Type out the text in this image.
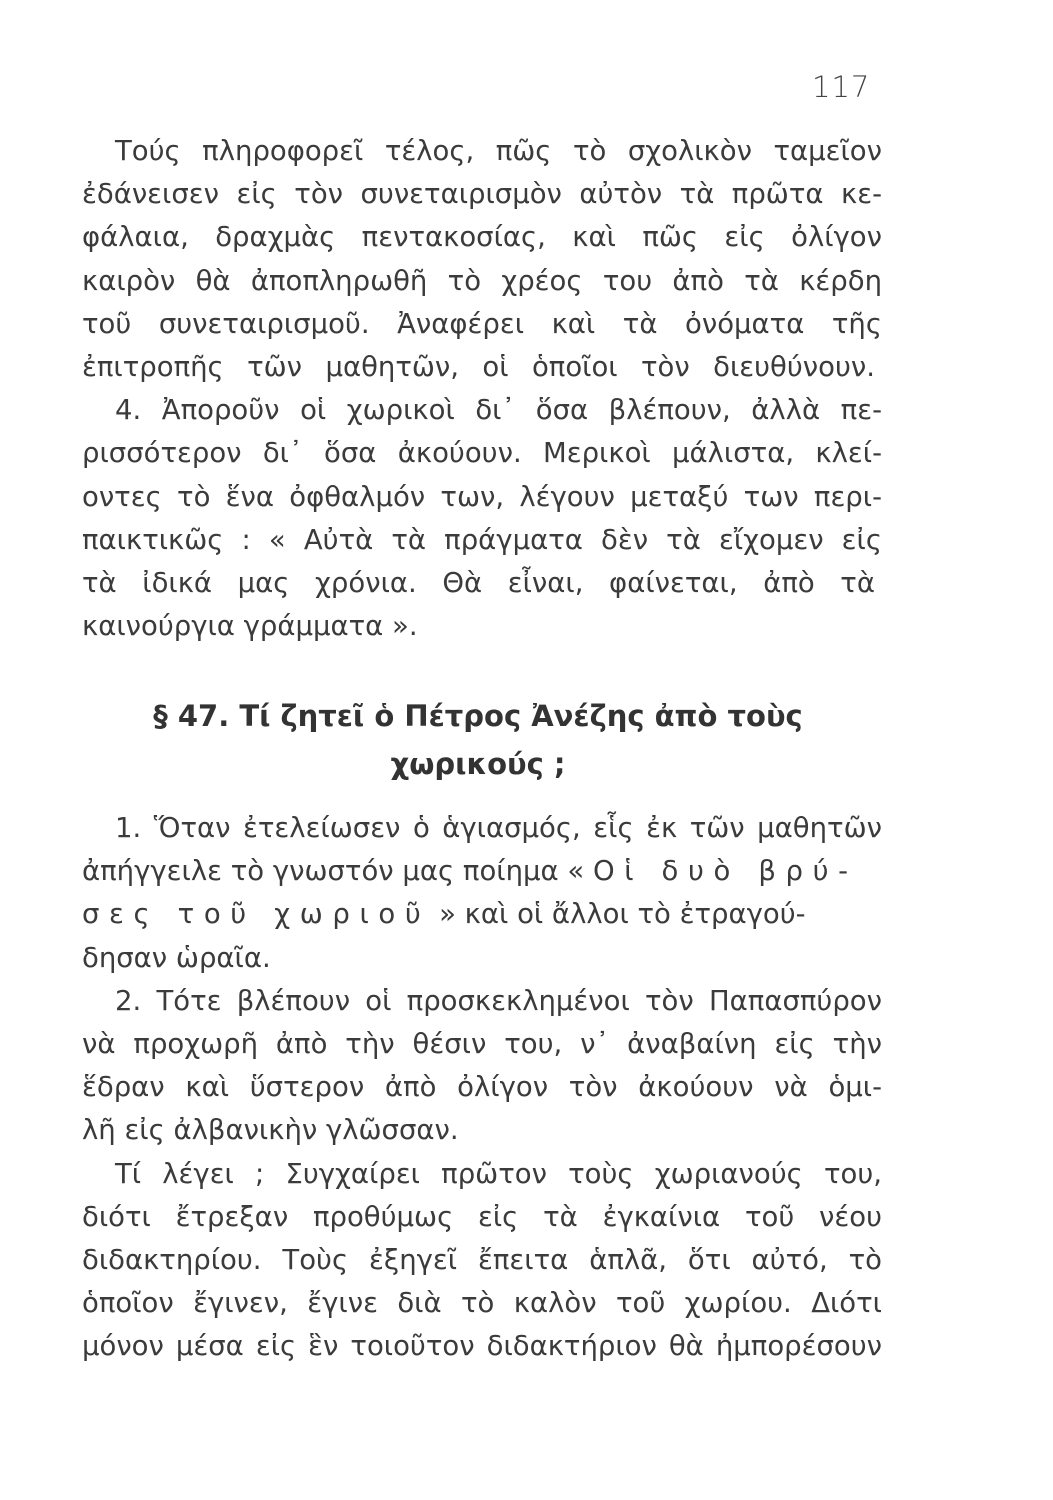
117
Τούς πληροφορεῖ τέλος, πῶς τὸ σχολικὸν ταμεῖον
ἐδάνεισεν εἰς τὸν συνεταιρισμὸν αὐτὸν τὰ πρῶτα κε-
φάλαια, δραχμὰς πεντακοσίας, καὶ πῶς εἰς ὀλίγον
καιρὸν θὰ ἀποπληρωθῆ τὸ χρέος του ἀπὸ τὰ κέρδη
τοῦ συνεταιρισμοῦ. Ἀναφέρει καὶ τὰ ὀνόματα τῆς
ἐπιτροπῆς τῶν μαθητῶν, οἱ ὁποῖοι τὸν διευθύνουν.
4. Ἀποροῦν οἱ χωρικοὶ δι᾽ ὅσα βλέπουν, ἀλλὰ πε-
ρισσότερον δι᾽ ὅσα ἀκούουν. Μερικοὶ μάλιστα, κλεί-
οντες τὸ ἕνα ὀφθαλμόν των, λέγουν μεταξύ των περι-
παικτικῶς : « Αὐτὰ τὰ πράγματα δὲν τὰ εἴχομεν εἰς
τὰ ἰδικά μας χρόνια. Θὰ εἶναι, φαίνεται, ἀπὸ τὰ
καινούργια γράμματα ».
§ 47. Τί ζητεῖ ὁ Πέτρος Ἀνέζης ἀπὸ τοὺς
χωρικούς ;
1. Ὅταν ἐτελείωσεν ὁ ἁγιασμός, εἷς ἐκ τῶν μαθητῶν
ἀπήγγειλε τὸ γνωστόν μας ποίημα « Οἱ δυὸ βρύ-
σες τοῦ χωριοῦ » καὶ οἱ ἄλλοι τὸ ἐτραγού-
δησαν ὡραῖα.
2. Τότε βλέπουν οἱ προσκεκλημένοι τὸν Παπασπύρον
νὰ προχωρῆ ἀπὸ τὴν θέσιν του, ν᾽ ἀναβαίνη εἰς τὴν
ἕδραν καὶ ὕστερον ἀπὸ ὀλίγον τὸν ἀκούουν νὰ ὁμι-
λῆ εἰς ἀλβανικὴν γλῶσσαν.
Τί λέγει ; Συγχαίρει πρῶτον τοὺς χωριανούς του,
διότι ἔτρεξαν προθύμως εἰς τὰ ἐγκαίνια τοῦ νέου
διδακτηρίου. Τοὺς ἐξηγεῖ ἔπειτα ἁπλᾶ, ὅτι αὐτό, τὸ
ὁποῖον ἔγινεν, ἔγινε διὰ τὸ καλὸν τοῦ χωρίου. Διότι
μόνον μέσα εἰς ἓν τοιοῦτον διδακτήριον θὰ ἠμπορέσουν
